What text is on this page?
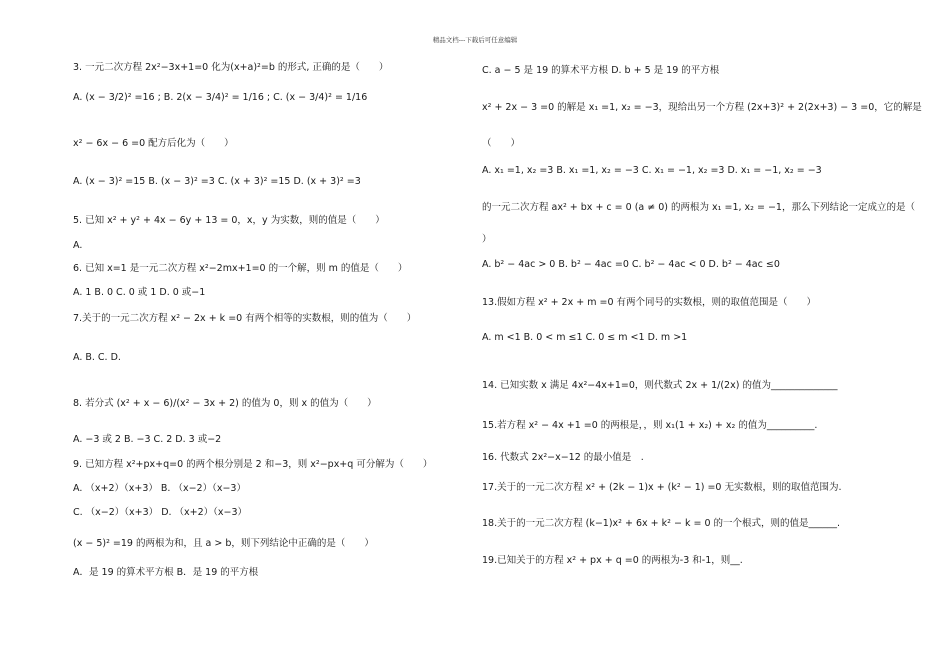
精品文档---下载后可任意编辑
3. 一元二次方程 2x²−3x+1=0 化为(x+a)²=b 的形式, 正确的是（　　）
A. (x − 3/2)² =16 ; B. 2(x − 3/4)² = 1/16 ; C. (x − 3/4)² = 1/16
x² − 6x − 6 =0 配方后化为（　　）
A. (x − 3)² =15 B. (x − 3)² =3 C. (x + 3)² =15 D. (x + 3)² =3
5. 已知 x² + y² + 4x − 6y + 13 = 0，x，y 为实数，则的值是（　　）
A.
6. 已知 x=1 是一元二次方程 x²−2mx+1=0 的一个解，则 m 的值是（　　）
A. 1 B. 0 C. 0 或 1 D. 0 或−1
7.关于的一元二次方程 x² − 2x + k =0 有两个相等的实数根，则的值为（　　）
A. B. C. D.
8. 若分式 (x² + x − 6)/(x² − 3x + 2) 的值为 0，则 x 的值为（　　）
A. −3 或 2 B. −3 C. 2 D. 3 或−2
9. 已知方程 x²+px+q=0 的两个根分别是 2 和−3，则 x²−px+q 可分解为（　　）
A. （x+2）（x+3） B. （x−2）（x−3）
C. （x−2）（x+3） D. （x+2）（x−3）
(x − 5)² =19 的两根为和，且 a > b，则下列结论中正确的是（　　）
A．是 19 的算术平方根 B．是 19 的平方根
C. a − 5 是 19 的算术平方根 D. b + 5 是 19 的平方根
x² + 2x − 3 =0 的解是 x₁ =1, x₂ = −3，现给出另一个方程 (2x+3)² + 2(2x+3) − 3 =0，它的解是
（　　）
A. x₁ =1, x₂ =3 B. x₁ =1, x₂ = −3 C. x₁ = −1, x₂ =3 D. x₁ = −1, x₂ = −3
的一元二次方程 ax² + bx + c = 0 (a ≠ 0) 的两根为 x₁ =1, x₂ = −1，那么下列结论一定成立的是（
）
A. b² − 4ac > 0 B. b² − 4ac =0 C. b² − 4ac < 0 D. b² − 4ac ≤0
13.假如方程 x² + 2x + m =0 有两个同号的实数根，则的取值范围是（　　）
A. m <1 B. 0 < m ≤1 C. 0 ≤ m <1 D. m >1
14. 已知实数 x 满足 4x²−4x+1=0，则代数式 2x + 1/(2x) 的值为______________
15.若方程 x² − 4x +1 =0 的两根是，，则 x₁(1 + x₂) + x₂ 的值为__________.
16. 代数式 2x²−x−12 的最小值是　.
17.关于的一元二次方程 x² + (2k − 1)x + (k² − 1) =0 无实数根，则的取值范围为.
18.关于的一元二次方程 (k−1)x² + 6x + k² − k = 0 的一个根式，则的值是______.
19.已知关于的方程 x² + px + q =0 的两根为-3 和-1，则__.
